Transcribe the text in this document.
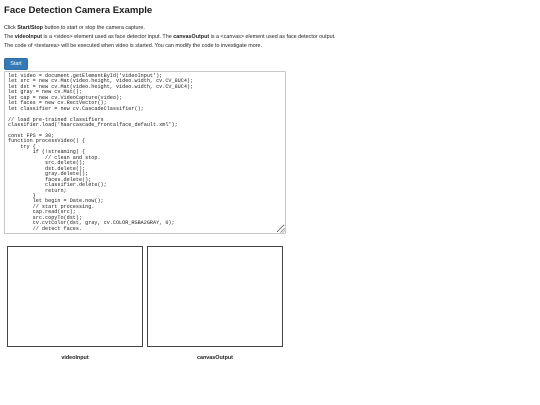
Face Detection Camera Example

Click Start/Stop button to start or stop the camera capture.

The videoInput is a <video> element used as face detector input. The canvasOutput is a <canvas> element used as face detector output.

The code of <textarea> will be executed when video is started. You can modify the code to investigate more.

Start
let video = document.getElementById('videoInput'); let src = new cv.Mat(video.height, video.width, cv.CV_8UC4); let dst = new cv.Mat(video.height, video.width, cv.CV_8UC4); let gray = new cv.Mat(); let cap = new cv.VideoCapture(video); let faces = new cv.RectVector(); let classifier = new cv.CascadeClassifier(); // load pre-trained classifiers classifier.load('haarcascade_frontalface_default.xml'); const FPS = 30; function processVideo() { try { if (!streaming) { // clean and stop. src.delete(); dst.delete(); gray.delete(); faces.delete(); classifier.delete(); return; } let begin = Date.now(); // start processing. cap.read(src); src.copyTo(dst); cv.cvtColor(dst, gray, cv.COLOR_RGBA2GRAY, 0); // detect faces.
videoInput	canvasOutput
